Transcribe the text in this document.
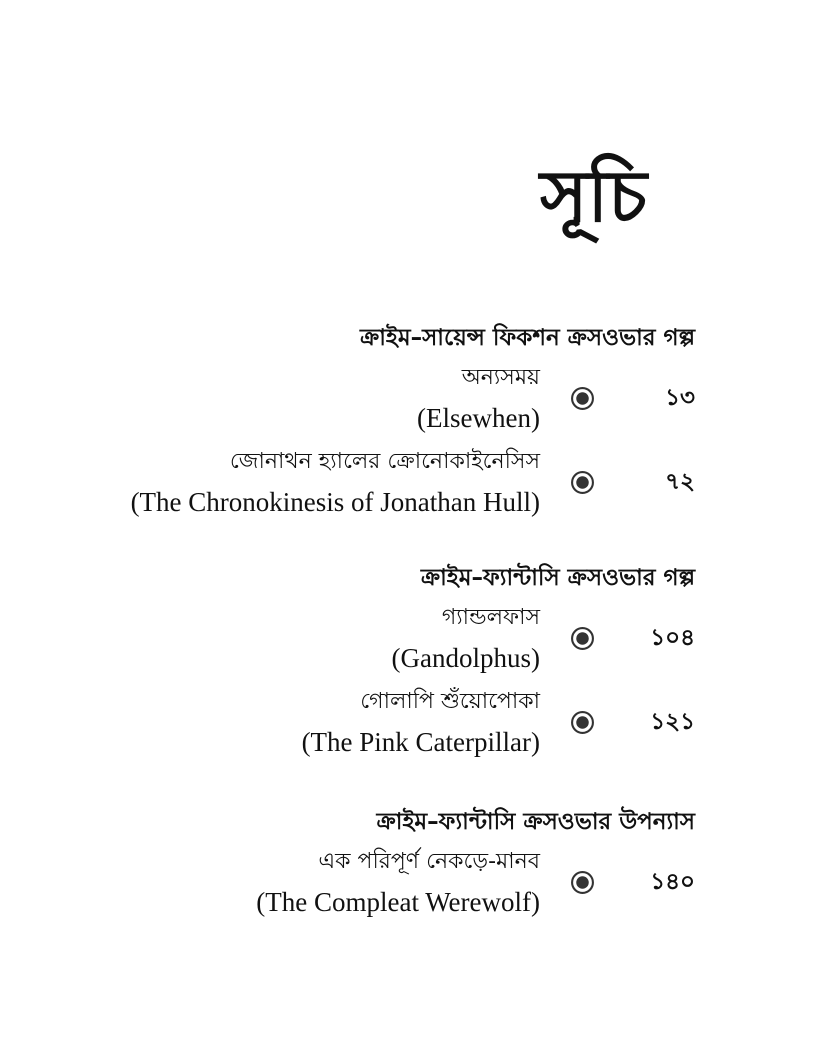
সূচি
ক্রাইম–সায়েন্স ফিকশন ক্রসওভার গল্প
অন্যসময়
(Elsewhen)
১৩
জোনাথন হ্যালের ক্রোনোকাইনেসিস
(The Chronokinesis of Jonathan Hull)
৭২
ক্রাইম–ফ্যান্টাসি ক্রসওভার গল্প
গ্যান্ডলফাস
(Gandolphus)
১০৪
গোলাপি শুঁয়োপোকা
(The Pink Caterpillar)
১২১
ক্রাইম–ফ্যান্টাসি ক্রসওভার উপন্যাস
এক পরিপূর্ণ নেকড়ে-মানব
(The Compleat Werewolf)
১৪০
